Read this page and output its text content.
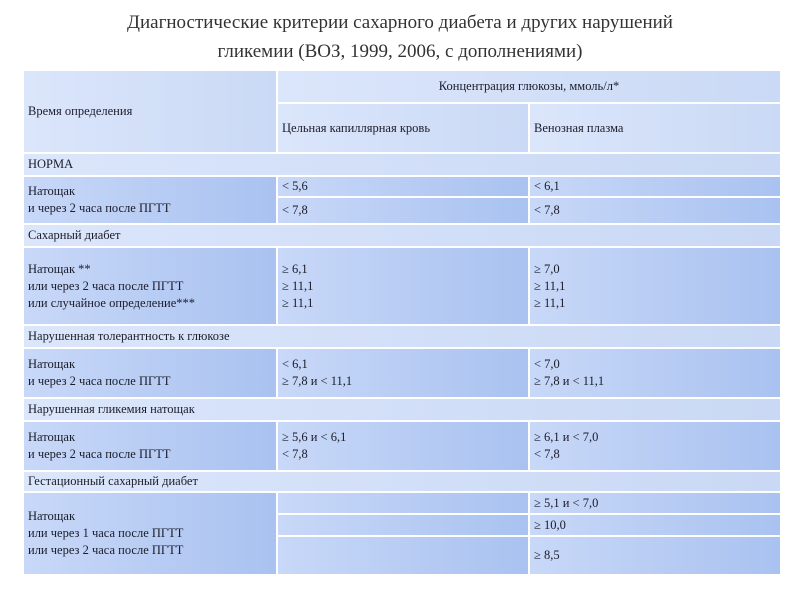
Диагностические критерии сахарного диабета и других нарушений
гликемии (ВОЗ, 1999, 2006, с дополнениями)
Время определения
Концентрация глюкозы, ммоль/л*
Цельная капиллярная кровь	Венозная плазма
НОРМА
Натощак
и через 2 часа после ПГТТ
< 5,6
< 7,8
< 6,1
< 7,8
Сахарный диабет
Натощак **
или через 2 часа после ПГТТ
или случайное определение***
≥ 6,1
≥ 11,1
≥ 11,1
≥ 7,0
≥ 11,1
≥ 11,1
Нарушенная толерантность к глюкозе
Натощак
и через 2 часа после ПГТТ
< 6,1
≥ 7,8 и < 11,1
< 7,0
≥ 7,8 и < 11,1
Нарушенная гликемия натощак
Натощак
и через 2 часа после ПГТТ
≥ 5,6 и < 6,1
< 7,8
≥ 6,1 и < 7,0
< 7,8
Гестационный сахарный диабет
Натощак
или через 1 часа после ПГТТ
или через 2 часа после ПГТТ
≥ 5,1 и < 7,0
≥ 10,0
≥ 8,5
